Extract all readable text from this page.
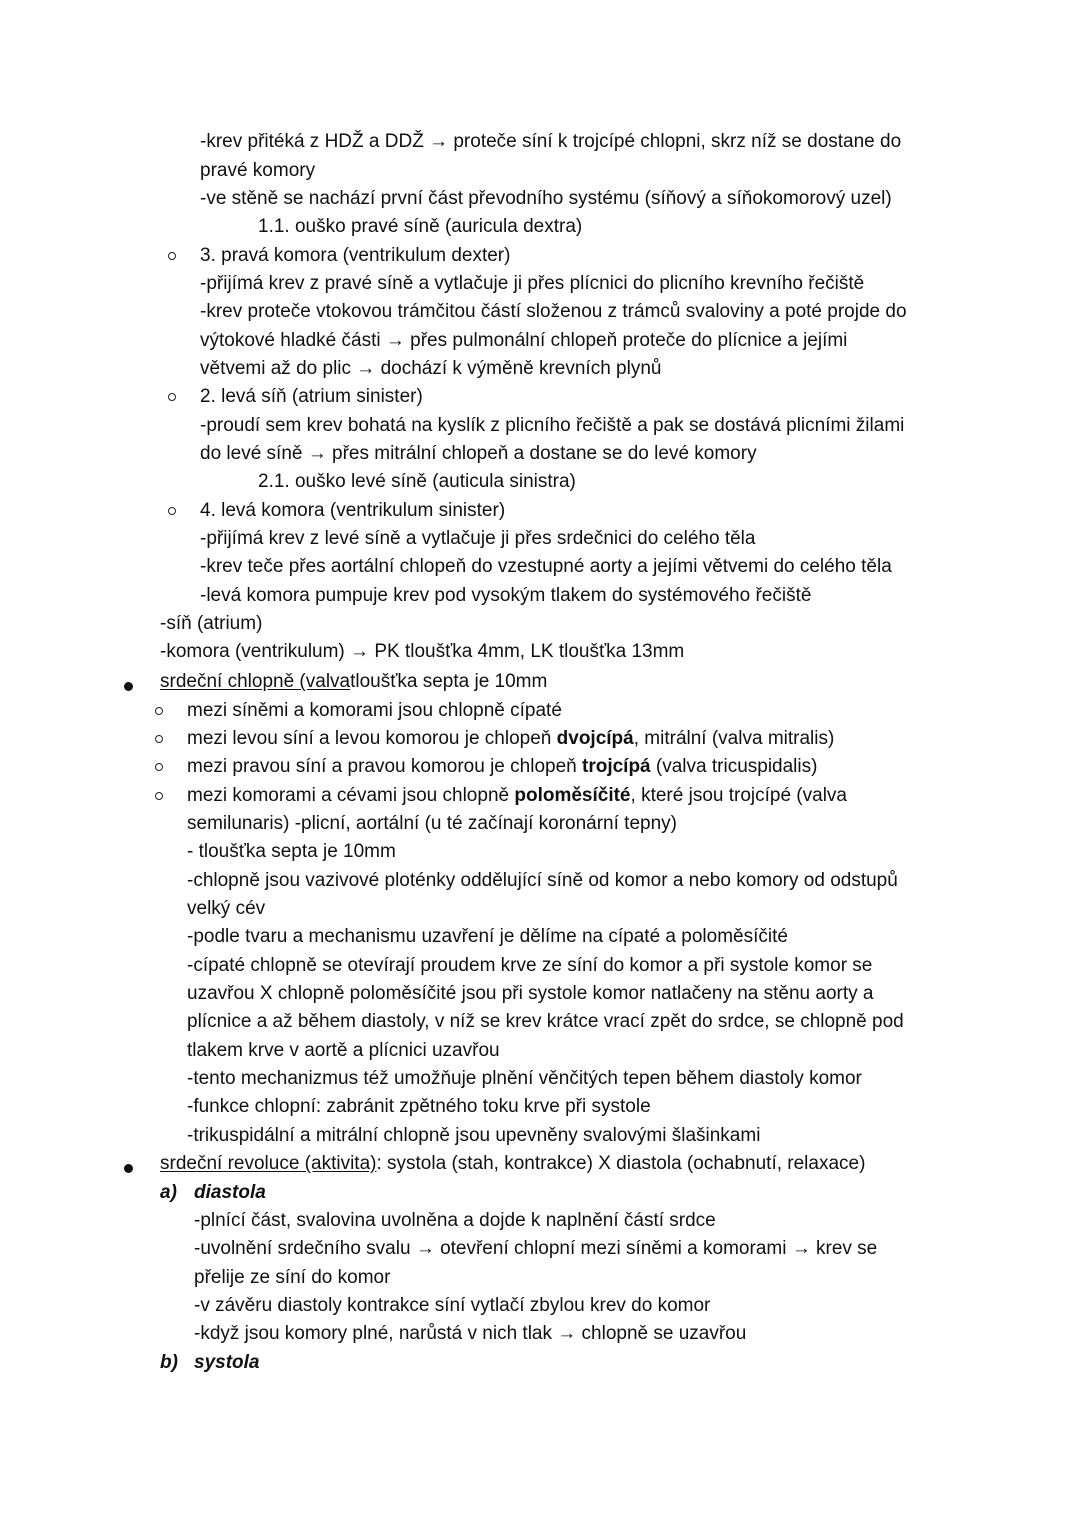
-krev přitéká z HDŽ a DDŽ → proteče síní k trojcípé chlopni, skrz níž se dostane do

pravé komory

-ve stěně se nachází první část převodního systému (síňový a síňokomorový uzel)

1.1. ouško pravé síně (auricula dextra)

3. pravá komora (ventrikulum dexter)

-přijímá krev z pravé síně a vytlačuje ji přes plícnici do plicního krevního řečiště

-krev proteče vtokovou trámčitou částí složenou z trámců svaloviny a poté projde do

výtokové hladké části → přes pulmonální chlopeň proteče do plícnice a jejími

větvemi až do plic → dochází k výměně krevních plynů

2. levá síň (atrium sinister)

-proudí sem krev bohatá na kyslík z plicního řečiště a pak se dostává plicními žilami

do levé síně → přes mitrální chlopeň a dostane se do levé komory

2.1. ouško levé síně (auticula sinistra)

4. levá komora (ventrikulum sinister)

-přijímá krev z levé síně a vytlačuje ji přes srdečnici do celého těla

-krev teče přes aortální chlopeň do vzestupné aorty a jejími větvemi do celého těla

-levá komora pumpuje krev pod vysokým tlakem do systémového řečiště

-síň (atrium)

-komora (ventrikulum) → PK tloušťka 4mm, LK tloušťka 13mm

srdeční chlopně (valvatloušťka septa je 10mm

mezi síněmi a komorami jsou chlopně cípaté

mezi levou síní a levou komorou je chlopeň dvojcípá, mitrální (valva mitralis)

mezi pravou síní a pravou komorou je chlopeň trojcípá (valva tricuspidalis)

mezi komorami a cévami jsou chlopně poloměsíčité, které jsou trojcípé (valva

semilunaris) -plicní, aortální (u té začínají koronární tepny)

- tloušťka septa je 10mm

-chlopně jsou vazivové ploténky oddělující síně od komor a nebo komory od odstupů

velký cév

-podle tvaru a mechanismu uzavření je dělíme na cípaté a poloměsíčité

-cípaté chlopně se otevírají proudem krve ze síní do komor a při systole komor se

uzavřou X chlopně poloměsíčité jsou při systole komor natlačeny na stěnu aorty a

plícnice a až během diastoly, v níž se krev krátce vrací zpět do srdce, se chlopně pod

tlakem krve v aortě a plícnici uzavřou

-tento mechanizmus též umožňuje plnění věnčitých tepen během diastoly komor

-funkce chlopní: zabránit zpětného toku krve při systole

-trikuspidální a mitrální chlopně jsou upevněny svalovými šlašinkami

srdeční revoluce (aktivita): systola (stah, kontrakce) X diastola (ochabnutí, relaxace)

a) diastola

-plnící část, svalovina uvolněna a dojde k naplnění částí srdce

-uvolnění srdečního svalu → otevření chlopní mezi síněmi a komorami → krev se

přelije ze síní do komor

-v závěru diastoly kontrakce síní vytlačí zbylou krev do komor

-když jsou komory plné, narůstá v nich tlak → chlopně se uzavřou

b) systola
